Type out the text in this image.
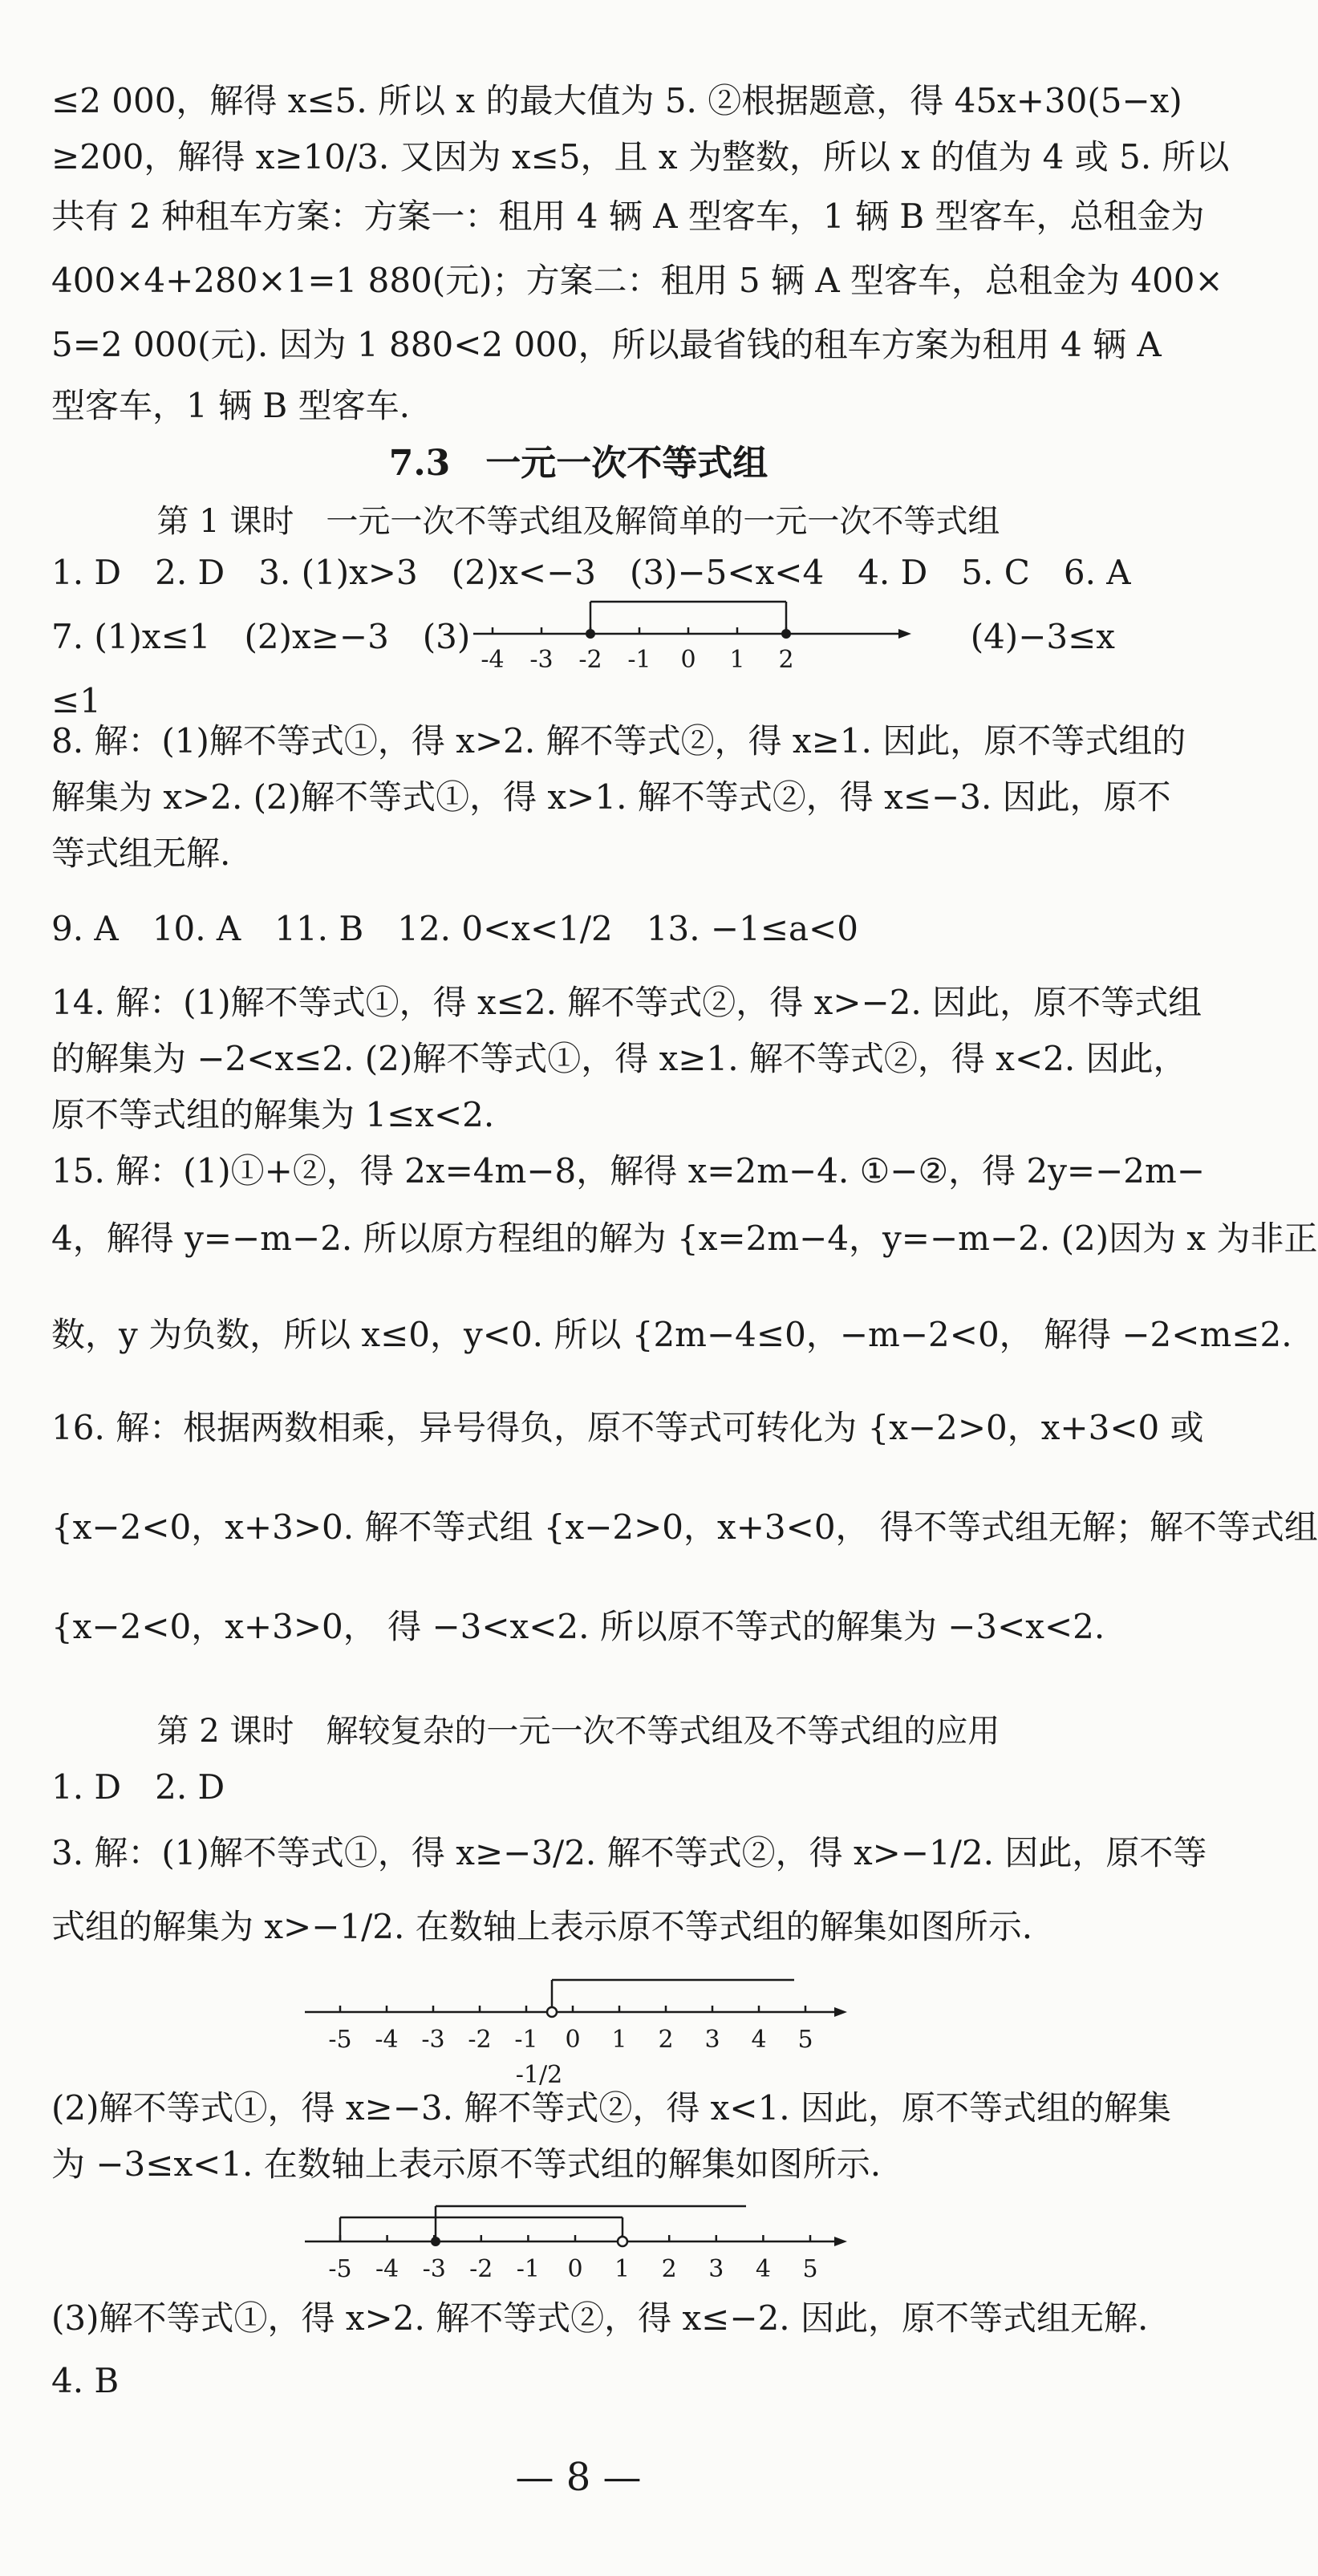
≤2 000，解得 x≤5. 所以 x 的最大值为 5. ②根据题意，得 45x+30(5−x)
≥200，解得 x≥10/3. 又因为 x≤5，且 x 为整数，所以 x 的值为 4 或 5. 所以
共有 2 种租车方案：方案一：租用 4 辆 A 型客车，1 辆 B 型客车，总租金为
400×4+280×1=1 880(元)；方案二：租用 5 辆 A 型客车，总租金为 400×
5=2 000(元). 因为 1 880<2 000，所以最省钱的租车方案为租用 4 辆 A
型客车，1 辆 B 型客车.
7.3　一元一次不等式组
第 1 课时　一元一次不等式组及解简单的一元一次不等式组
1. D　2. D　3. (1)x>3　(2)x<−3　(3)−5<x<4　4. D　5. C　6. A
7. (1)x≤1　(2)x≥−3　(3)
-4 -3 -2 -1 0 1 2
(4)−3≤x
≤1
8. 解：(1)解不等式①，得 x>2. 解不等式②，得 x≥1. 因此，原不等式组的
解集为 x>2. (2)解不等式①，得 x>1. 解不等式②，得 x≤−3. 因此，原不
等式组无解.
9. A　10. A　11. B　12. 0<x<1/2　13. −1≤a<0
14. 解：(1)解不等式①，得 x≤2. 解不等式②，得 x>−2. 因此，原不等式组
的解集为 −2<x≤2. (2)解不等式①，得 x≥1. 解不等式②，得 x<2. 因此，
原不等式组的解集为 1≤x<2.
15. 解：(1)①+②，得 2x=4m−8，解得 x=2m−4. ①−②，得 2y=−2m−
4，解得 y=−m−2. 所以原方程组的解为 {x=2m−4，y=−m−2. (2)因为 x 为非正
数，y 为负数，所以 x≤0，y<0. 所以 {2m−4≤0，−m−2<0， 解得 −2<m≤2.
16. 解：根据两数相乘，异号得负，原不等式可转化为 {x−2>0，x+3<0 或
{x−2<0，x+3>0. 解不等式组 {x−2>0，x+3<0， 得不等式组无解；解不等式组
{x−2<0，x+3>0， 得 −3<x<2. 所以原不等式的解集为 −3<x<2.
第 2 课时　解较复杂的一元一次不等式组及不等式组的应用
1. D　2. D
3. 解：(1)解不等式①，得 x≥−3/2. 解不等式②，得 x>−1/2. 因此，原不等
式组的解集为 x>−1/2. 在数轴上表示原不等式组的解集如图所示.
-5 -4 -3 -2 -1 0 1 2 3 4 5
-1/2
(2)解不等式①，得 x≥−3. 解不等式②，得 x<1. 因此，原不等式组的解集
为 −3≤x<1. 在数轴上表示原不等式组的解集如图所示.
-5 -4 -3 -2 -1 0 1 2 3 4 5
(3)解不等式①，得 x>2. 解不等式②，得 x≤−2. 因此，原不等式组无解.
4. B
— 8 —
